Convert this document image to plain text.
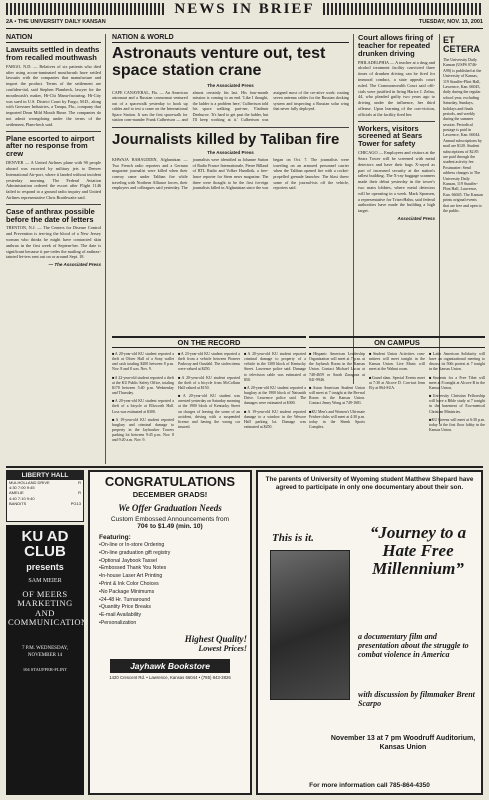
NEWS IN BRIEF
2A • THE UNIVERSITY DAILY KANSAN	TUESDAY, NOV. 13, 2001
NATION
Lawsuits settled in deaths from recalled mouthwash

FARGO, N.D. — Relatives of six patients who died after using accon-taminated mouthwash have settled lawsuits with the companies that manufacture and import the product. Terms of the settlement are confiden-tial, said Stephen Plambeck, lawyer for the mouthwash's maker, Hi-Chi Manu-facturing. Hi-City was sued in U.S. District Court by Fargo, M.D., along with Gressner Industries, a Tampa, Fla., company that imported Dean Mild Mouth Rinse. The companies do not admit wrongdoing under the terms of the settlement, Plam-beck said.

Plane escorted to airport after no response from crew

DENVER — A United Airlines plane with 90 people aboard was escorted by military jets to Denver International Air-port, where it landed without incident yesterday morning. The Federal Aviation Administration ordered the escort after Flight 1146 failed to respond to a ground radio inquiry and United Airlines representative Chris Braithwaite said.

Case of anthrax possible before the date of letters

TRENTON, N.J. — The Centers for Disease Control and Prevention is test-ing the blood of a New Jersey woman who thinks he might have contracted skin anthrax in the first week of Septem-ber. The date is significant because it pre-cedes the mailing of anthrax-tainted let-ters sent out on or around Sept. 18.

— The Associated Press
NATION & WORLD
Astronauts venture out, test space station crane
The Associated Press

CAPE CANAVERAL, Fla. — An American astronaut and a Russian cosmonaut ventured out of a spacewalk yesterday to hook up cables and to test a crane on the International Space Station. It was the first spacewalk for station com-mander Frank Culbertson — and almost certainly his last. His four-month mission is coming to an end. 'Like I thought, the ladder is a problem here,' Culbertson told his space walking part-ner, Vladimir Dezhurov. 'It's hard to get past the ladder, but I'll keep working at it.' Culbertson was assigned most of the cre-ative work: routing seven antenna cables for the Russian docking system and inspecting a Russian solar wing that never fully deployed.

Journalists killed by Taliban fire
The Associated Press

KHWAJA BAHAUDDIN, Afghanistan — Two French radio reporters and a German magazine journalist were killed when their convoy came under Taliban fire while traveling with Northern Alliance forces, their employers and colleagues said yesterday. The journalists were identified as Johanne Sutton of Radio France Internationale, Pierre Billaud of RTL Radio and Volker Handloik, a free-lance reporter for Stern news magazine. The three were thought to be the first for-eign journalists killed in Afghanistan since the war began on Oct. 7. The journalists were traveling on an armored personnel carrier when the Taliban opened fire with a rocket-propelled grenade launcher. The blast threw some of the journal-ists off the vehicle, reporters said.

Court allows firing of teacher for repeated drunken driving

PHILADELPHIA — A teacher at a drug and alcohol treatment facility convicted three times of drunken driving can be fired for immoral conduct, a state appeals court ruled. The Commonwealth Court said offi-cials were justified in firing Harice J. Zelno, 44, who pleaded guilty two years ago to driving under the influence, her third offense. Upon learning of the con-viction, officials at the facility fired her.

Workers, visitors screened at Sears Tower for safety

CHICAGO — Employees and visitors at the Sears Tower will be screened with metal detectors and have their bags X-rayed as part of increased security at the nation's tallest building. The X-ray baggage scanners made their debut yesterday in the tower's two main lobbies, where metal detectors will be operating in a week. Mark Sponsen, a representative for TrizecHahn, said federal authorities have made the building a high target.

Associated Press
ET CETERA

The University Daily Kansan (USPS 0746-A90) is published at the University of Kansas, 119 Stauffer-Flint Hall, Lawrence, Kan. 66045, daily during the regular school year, excluding Saturday, Sundays, holidays and finals periods, and weekly during the summer session. Periodical postage is paid in Lawrence, Kan. 66044. Annual subscriptions by mail are $120. Student subscriptions of $2.85 are paid through the student activity fee. Postmaster: Send address changes to The University Daily Kansan, 119 Stauffer-Flint Hall, Lawrence, Kan. 66045. The Kansan prints original events that are free and open to the public.

ON THE RECORD

■ A 20-year-old KU student reported a theft at Oliver Hall of a Sony wallet and cash totaling $200 between 8 p.m. Nov. 8 and 8 a.m. Nov. 9.

■ A 22-year-old student reported a theft at the KU Public Safety Office, totaling $170 between 5:40 p.m. Wednesday and Thursday.

■ A 20-year-old KU student reported a theft of a bicycle at Ellsworth Hall. Loss was estimated at $300.

■ A 19-year-old KU student reported burglary and criminal damage to property in the Jayhawker Towers parking lot between 9:45 p.m. Nov. 8 and 9:20 a.m. Nov. 9.

■ A 23-year-old KU student reported a theft from a vehicle between Pioneer Parkway and Ousdahl. The stolen items were valued at $250.

■ A 20-year-old KU student reported the theft of a bicycle from McCollum Hall valued at $150.

■ A 20-year-old KU student was arrested yesterday on Saturday morning at the 1900 block of Kentucky Street on charges of leaving the scene of an accident, driving with a suspended license and having the wrong car insured.

■ A 20-year-old KU student reported criminal damage to property of a vehicle in the 1300 block of Kentucky Street. Lawrence police said. Damage to television cable was estimated at $50.

■ A 20-year-old KU student reported a burglary at the 1900 block of Naismith Drive. Lawrence police said. The damages were estimated at $300.

■ A 19-year-old KU student reported damage to a window in the Wescoe Hall parking lot. Damage was estimated at $250.

ON CAMPUS

■ Hispanic American Leadership Organization will meet at 7 p.m. at the Jayhawk Room in the Kansas Union. Contact Michael Lucas at 748-4659 or Sarah Zaragoza at 841-9946.

■ Asian American Student Union will meet at 7 tonight at the Ber-nal Room in the Kansas Union. Contact Jenny Wong at 749-1681.

■ KU Men's and Women's Ulti-mate Frisbee clubs will meet at 4:30 p.m. today in the Shenk Sports Complex.

■ Student Union Activities com-mittees will meet tonight in the Kansas Union. Live Music will meet at the Walnut room.

■ Grand slam. Special Events meet at 7:30 at Alcove D. Con-tact Jenn Ely at 864-SUA.

■ Latin American Solidarity will have an organizational meeting to discuss its 50th protest at 7 tonight in the Kansas Union.

■ Students for a Free Tibet will meet at 8 tonight at Alcove B in the Kansas Union.

■ University Christian Fellowship will have a Bible study at 7 tonight in the basement of Ecu-menical Christian Ministries.

■ KU Greens will meet at 6:30 p.m. today at the first floor lobby in the Kansas Union.

LIBERTY HALL
MULHOLLAND DRIVE	R
4:30 7:00 9:45
AMELIE	R
4:40 7:10 9:40
BANDITS	PG13
KU AD CLUB
presents
SAM MEIER
OF MEERS MARKETING AND COMMUNICATION
7 P.M. WEDNESDAY, NOVEMBER 14
104 STAUFFER-FLINT
CONGRATULATIONS
DECEMBER GRADS!
We Offer Graduation Needs
Custom Embossed Announcements from
70¢ to $1.49 (min. 10)
Featuring:
• On-line or In-store Ordering
• On-line graduation gift registry
• Optional Jaybook Tassel
• Embossed Thank You Notes
• In-house Laser Art Printing
• Print & Ink Color Choices
• No Package Minimums
• 24-48 Hr. Turnaround
• Quantity Price Breaks
• E-mail Availability
• Personalization
Highest Quality!
Lowest Prices!
Jayhawk Bookstore
1420 Crescent Rd. • Lawrence, Kansas 66044 • (785) 843-3826
The parents of University of Wyoming student Matthew Shepard have agreed to participate in only one documentary about their son.
This is it.	“Journey to a Hate Free Millennium”
a documentary film and presentation about the struggle to combat violence in America
with discussion by filmmaker Brent Scarpo
November 13 at 7 pm Woodruff Auditorium, Kansas Union
For more information call 785-864-4350
